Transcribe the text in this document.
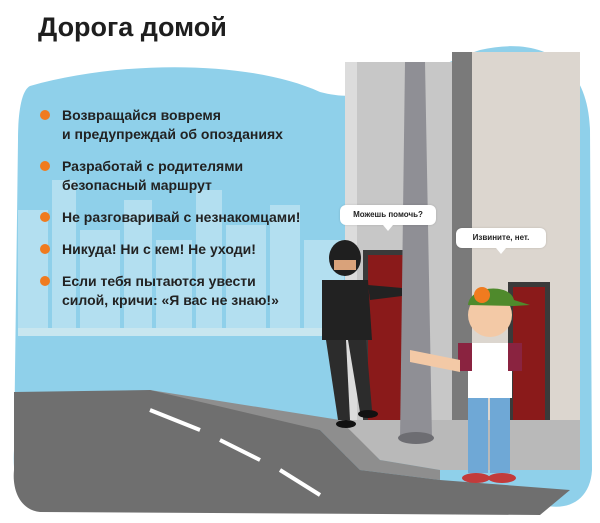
Дорога домой
Возвращайся вовремя
и предупреждай об опозданиях
Разработай с родителями
безопасный маршрут
Не разговаривай с незнакомцами!
Никуда! Ни с кем! Не уходи!
Если тебя пытаются увести
силой, кричи: «Я вас не знаю!»
Можешь помочь?
Извините, нет.
